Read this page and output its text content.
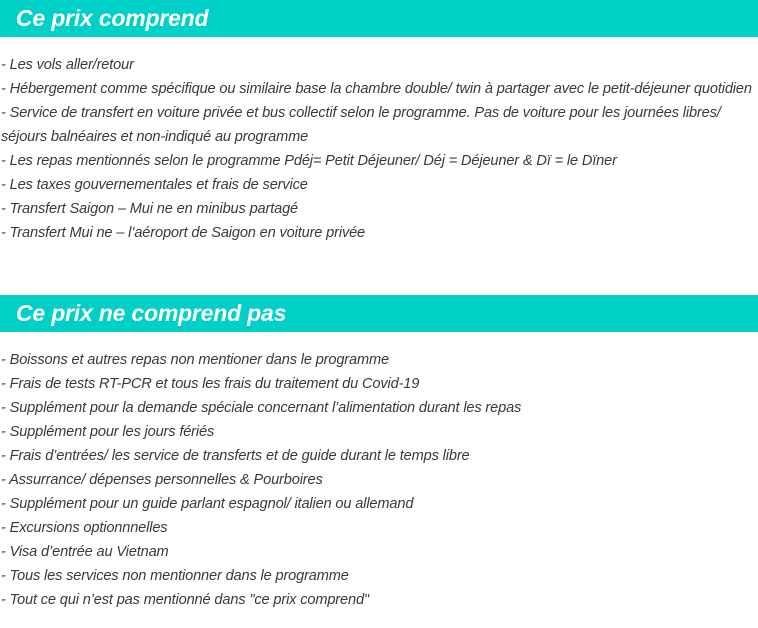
Ce prix comprend
- Les vols aller/retour
- Hébergement comme spécifique ou similaire base la chambre double/ twin à partager avec le petit-déjeuner quotidien
- Service de transfert en voiture privée et bus collectif selon le programme. Pas de voiture pour les journées libres/
séjours balnéaires et non-indiqué au programme
- Les repas mentionnés selon le programme Pdéj= Petit Déjeuner/ Déj = Déjeuner & Dï = le Dïner
- Les taxes gouvernementales et frais de service
- Transfert Saigon – Mui ne en minibus partagé
- Transfert Mui ne – l’aéroport de Saigon en voiture privée
Ce prix ne comprend pas
- Boissons et autres repas non mentioner dans le programme
- Frais de tests RT-PCR et tous les frais du traitement du Covid-19
- Supplément pour la demande spéciale concernant l’alimentation durant les repas
- Supplément pour les jours fériés
- Frais d’entrées/ les service de transferts et de guide durant le temps libre
- Assurrance/ dépenses personnelles & Pourboires
- Supplément pour un guide parlant espagnol/ italien ou allemand
- Excursions optionnnelles
- Visa d’entrée au Vietnam
- Tous les services non mentionner dans le programme
- Tout ce qui n’est pas mentionné dans "ce prix comprend"
